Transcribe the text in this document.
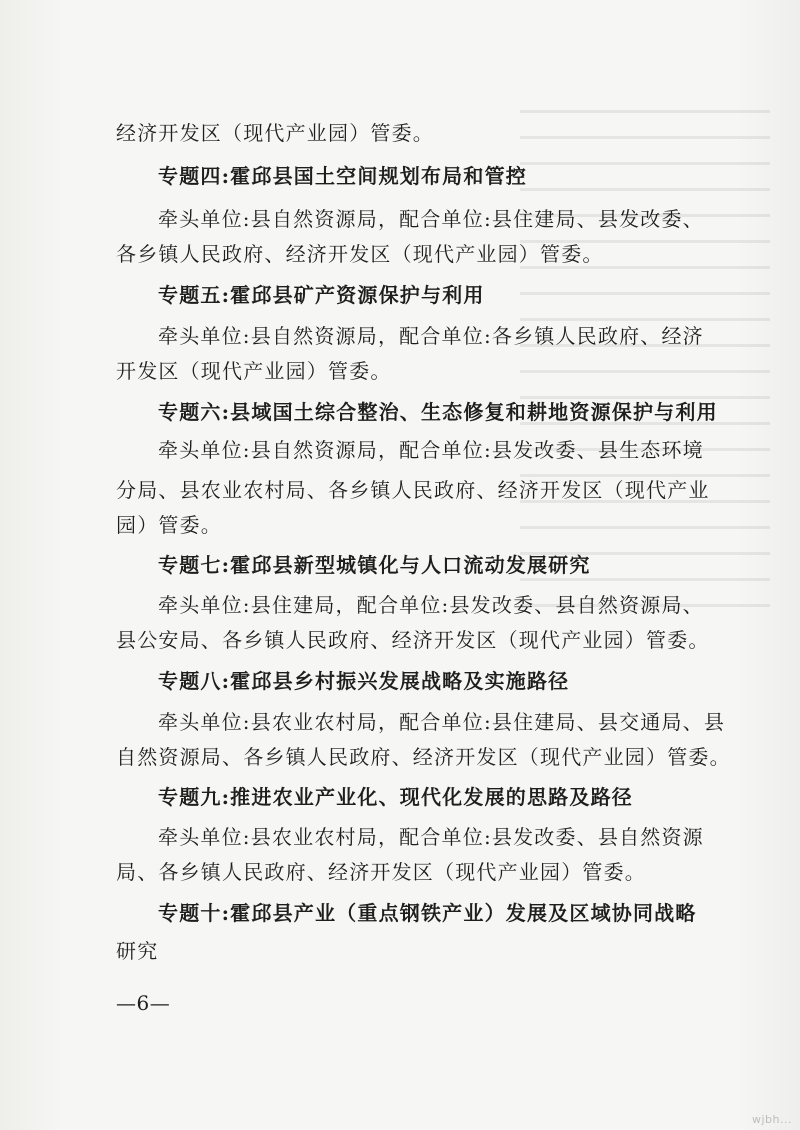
经济开发区（现代产业园）管委。
专题四:霍邱县国土空间规划布局和管控
牵头单位:县自然资源局，配合单位:县住建局、县发改委、
各乡镇人民政府、经济开发区（现代产业园）管委。
专题五:霍邱县矿产资源保护与利用
牵头单位:县自然资源局，配合单位:各乡镇人民政府、经济
开发区（现代产业园）管委。
专题六:县域国土综合整治、生态修复和耕地资源保护与利用
牵头单位:县自然资源局，配合单位:县发改委、县生态环境
分局、县农业农村局、各乡镇人民政府、经济开发区（现代产业
园）管委。
专题七:霍邱县新型城镇化与人口流动发展研究
牵头单位:县住建局，配合单位:县发改委、县自然资源局、
县公安局、各乡镇人民政府、经济开发区（现代产业园）管委。
专题八:霍邱县乡村振兴发展战略及实施路径
牵头单位:县农业农村局，配合单位:县住建局、县交通局、县
自然资源局、各乡镇人民政府、经济开发区（现代产业园）管委。
专题九:推进农业产业化、现代化发展的思路及路径
牵头单位:县农业农村局，配合单位:县发改委、县自然资源
局、各乡镇人民政府、经济开发区（现代产业园）管委。
专题十:霍邱县产业（重点钢铁产业）发展及区域协同战略
研究
—6—
wjbh...
